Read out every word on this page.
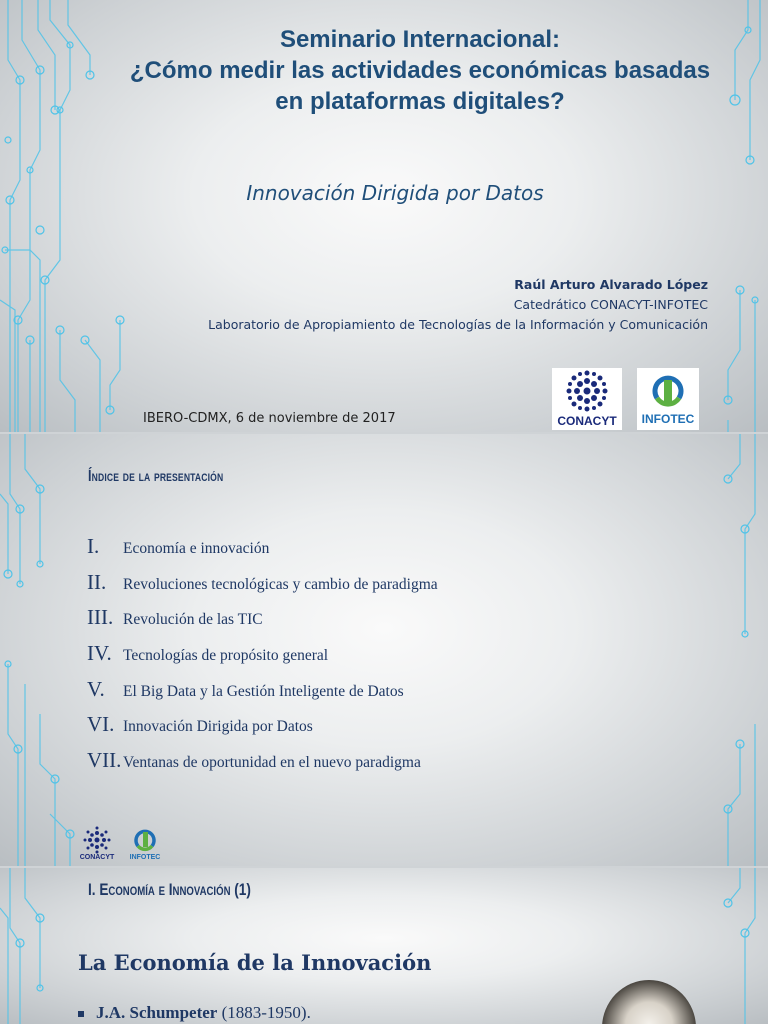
Seminario Internacional:
¿Cómo medir las actividades económicas basadas
en plataformas digitales?
Innovación Dirigida por Datos
Raúl Arturo Alvarado López
Catedrático CONACYT-INFOTEC
Laboratorio de Apropiamiento de Tecnologías de la Información y Comunicación
IBERO-CDMX, 6 de noviembre de 2017	CONACYT	INFOTEC
Índice de la presentación
I. Economía e innovación
II. Revoluciones tecnológicas y cambio de paradigma
III. Revolución de las TIC
IV. Tecnologías de propósito general
V. El Big Data y la Gestión Inteligente de Datos
VI. Innovación Dirigida por Datos
VII. Ventanas de oportunidad en el nuevo paradigma
CONACYT	INFOTEC
I. Economía e Innovación (1)
La Economía de la Innovación
J.A. Schumpeter (1883-1950).
